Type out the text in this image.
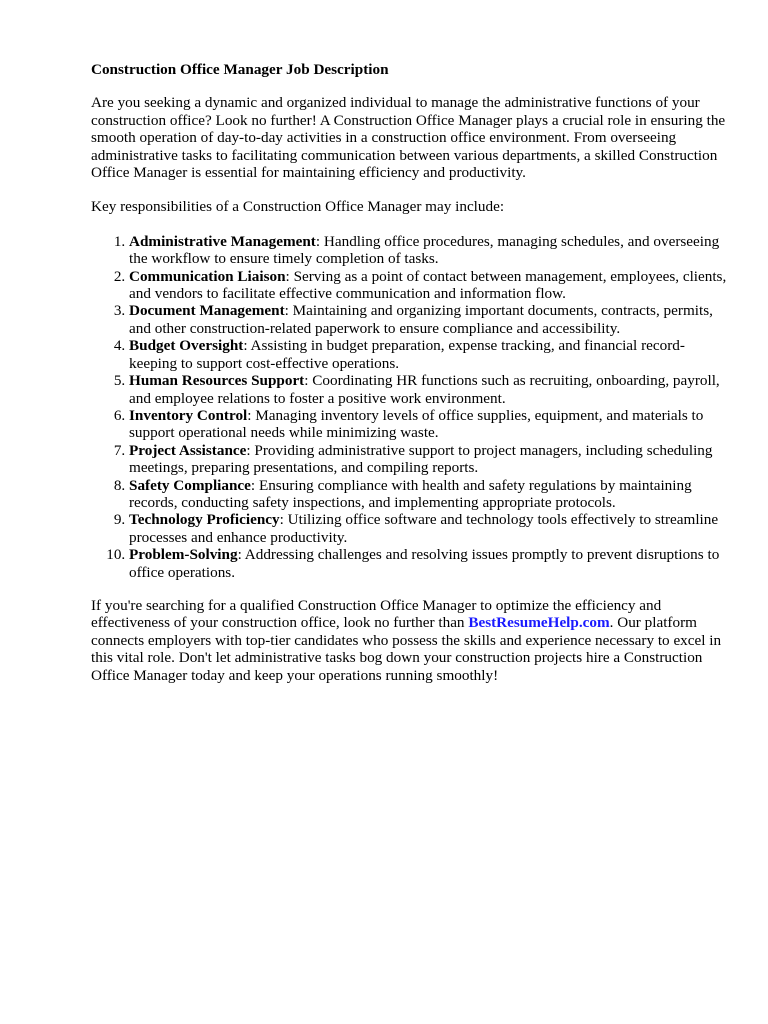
Construction Office Manager Job Description

Are you seeking a dynamic and organized individual to manage the administrative functions of your construction office? Look no further! A Construction Office Manager plays a crucial role in ensuring the smooth operation of day-to-day activities in a construction office environment. From overseeing administrative tasks to facilitating communication between various departments, a skilled Construction Office Manager is essential for maintaining efficiency and productivity.

Key responsibilities of a Construction Office Manager may include:

1. Administrative Management: Handling office procedures, managing schedules, and overseeing the workflow to ensure timely completion of tasks.
2. Communication Liaison: Serving as a point of contact between management, employees, clients, and vendors to facilitate effective communication and information flow.
3. Document Management: Maintaining and organizing important documents, contracts, permits, and other construction-related paperwork to ensure compliance and accessibility.
4. Budget Oversight: Assisting in budget preparation, expense tracking, and financial record-keeping to support cost-effective operations.
5. Human Resources Support: Coordinating HR functions such as recruiting, onboarding, payroll, and employee relations to foster a positive work environment.
6. Inventory Control: Managing inventory levels of office supplies, equipment, and materials to support operational needs while minimizing waste.
7. Project Assistance: Providing administrative support to project managers, including scheduling meetings, preparing presentations, and compiling reports.
8. Safety Compliance: Ensuring compliance with health and safety regulations by maintaining records, conducting safety inspections, and implementing appropriate protocols.
9. Technology Proficiency: Utilizing office software and technology tools effectively to streamline processes and enhance productivity.
10. Problem-Solving: Addressing challenges and resolving issues promptly to prevent disruptions to office operations.

If you're searching for a qualified Construction Office Manager to optimize the efficiency and effectiveness of your construction office, look no further than BestResumeHelp.com. Our platform connects employers with top-tier candidates who possess the skills and experience necessary to excel in this vital role. Don't let administrative tasks bog down your construction projects hire a Construction Office Manager today and keep your operations running smoothly!
